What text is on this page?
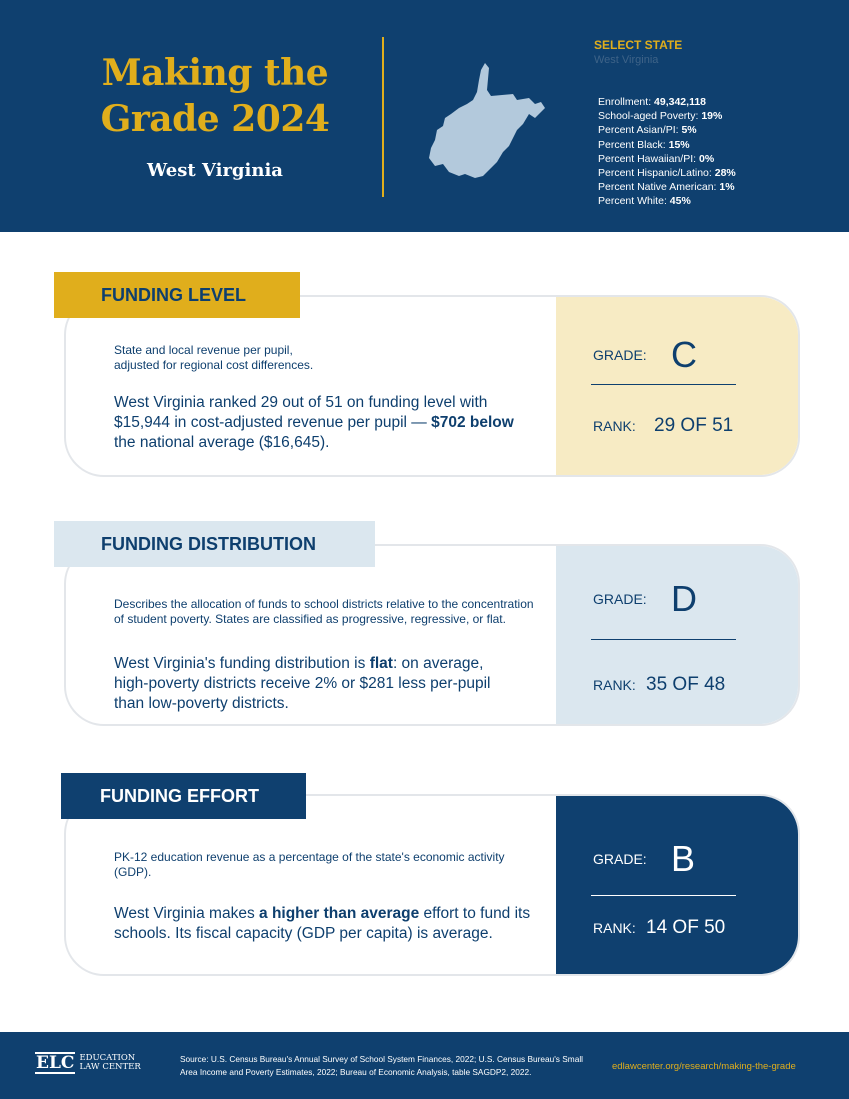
Making the
Grade 2024
West Virginia
SELECT STATE
West Virginia
Enrollment: 49,342,118
School-aged Poverty: 19%
Percent Asian/PI: 5%
Percent Black: 15%
Percent Hawaiian/PI: 0%
Percent Hispanic/Latino: 28%
Percent Native American: 1%
Percent White: 45%
State and local revenue per pupil,
adjusted for regional cost differences.
West Virginia ranked 29 out of 51 on funding level with $15,944 in cost-adjusted revenue per pupil — $702 below the national average ($16,645).
GRADE: C
RANK: 29 OF 51
FUNDING LEVEL
Describes the allocation of funds to school districts relative to the concentration of student poverty. States are classified as progressive, regressive, or flat.
West Virginia's funding distribution is flat: on average, high-poverty districts receive 2% or $281 less per-pupil than low-poverty districts.
GRADE: D
RANK: 35 OF 48
FUNDING DISTRIBUTION
PK-12 education revenue as a percentage of the state's economic activity (GDP).
West Virginia makes a higher than average effort to fund its schools. Its fiscal capacity (GDP per capita) is average.
GRADE: B
RANK: 14 OF 50
FUNDING EFFORT
ELC EDUCATION
LAW CENTER
Source: U.S. Census Bureau's Annual Survey of School System Finances, 2022; U.S. Census Bureau's Small Area Income and Poverty Estimates, 2022; Bureau of Economic Analysis, table SAGDP2, 2022.	edlawcenter.org/research/making-the-grade
